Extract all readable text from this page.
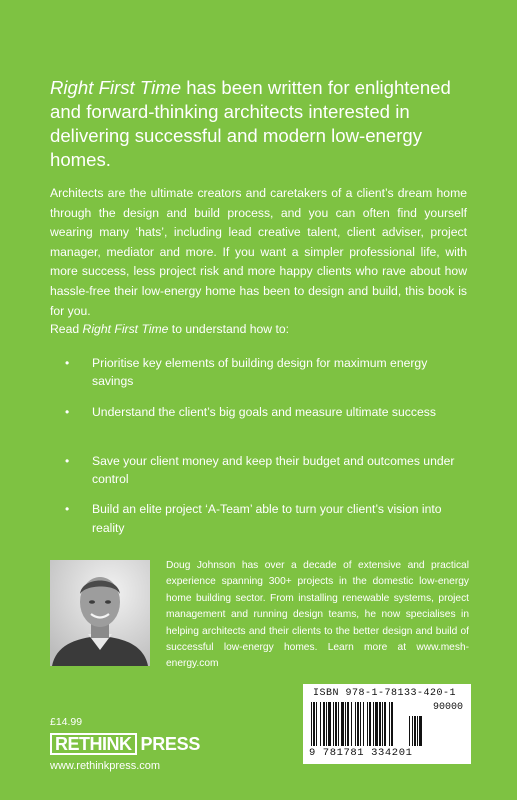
Right First Time has been written for enlightened and forward-thinking architects interested in delivering successful and modern low-energy homes.

Architects are the ultimate creators and caretakers of a client’s dream home through the design and build process, and you can often find yourself wearing many ‘hats’, including lead creative talent, client adviser, project manager, mediator and more. If you want a simpler professional life, with more success, less project risk and more happy clients who rave about how hassle-free their low-energy home has been to design and build, this book is for you.

Read Right First Time to understand how to:

• Prioritise key elements of building design for maximum energy savings
• Understand the client’s big goals and measure ultimate success
• Save your client money and keep their budget and outcomes under control
• Build an elite project ‘A-Team’ able to turn your client’s vision into reality

Doug Johnson has over a decade of extensive and practical experience spanning 300+ projects in the domestic low-energy home building sector. From installing renewable systems, project management and running design teams, he now specialises in helping architects and their clients to the better design and build of successful low-energy homes. Learn more at www.mesh-energy.com

ISBN 978-1-78133-420-1
90000
9 781781 334201
£14.99
RETHINK PRESS
www.rethinkpress.com
